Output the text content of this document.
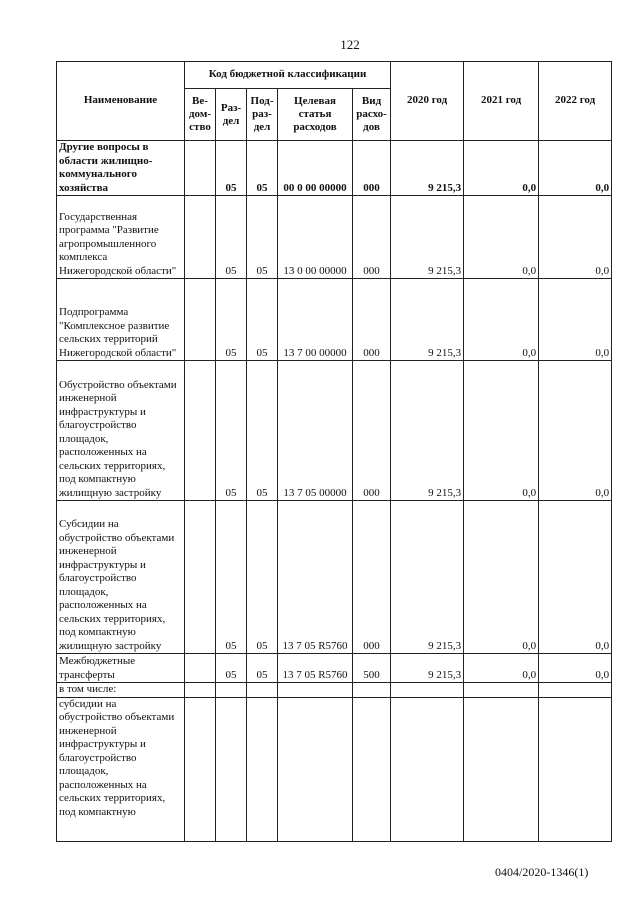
122
Наименование	Код бюджетной классификации					2020 год	2021 год	2022 год
	Ве- дом- ство	Раз- дел	Под- раз- дел	Целевая статья расходов	Вид расхо- дов			
Другие вопросы в области жилищно-коммунального хозяйства		05	05	00 0 00 00000	000	9 215,3	0,0	0,0
Государственная программа "Развитие агропромышленного комплекса Нижегородской области"		05	05	13 0 00 00000	000	9 215,3	0,0	0,0
Подпрограмма "Комплексное развитие сельских территорий Нижегородской области"		05	05	13 7 00 00000	000	9 215,3	0,0	0,0
Обустройство объектами инженерной инфраструктуры и благоустройство площадок, расположенных на сельских территориях, под компактную жилищную застройку		05	05	13 7 05 00000	000	9 215,3	0,0	0,0
Субсидии на обустройство объектами инженерной инфраструктуры и благоустройство площадок, расположенных на сельских территориях, под компактную жилищную застройку		05	05	13 7 05 R5760	000	9 215,3	0,0	0,0
Межбюджетные трансферты		05	05	13 7 05 R5760	500	9 215,3	0,0	0,0
в том числе:								
субсидии на обустройство объектами инженерной инфраструктуры и благоустройство площадок, расположенных на сельских территориях, под компактную								
0404/2020-1346(1)
